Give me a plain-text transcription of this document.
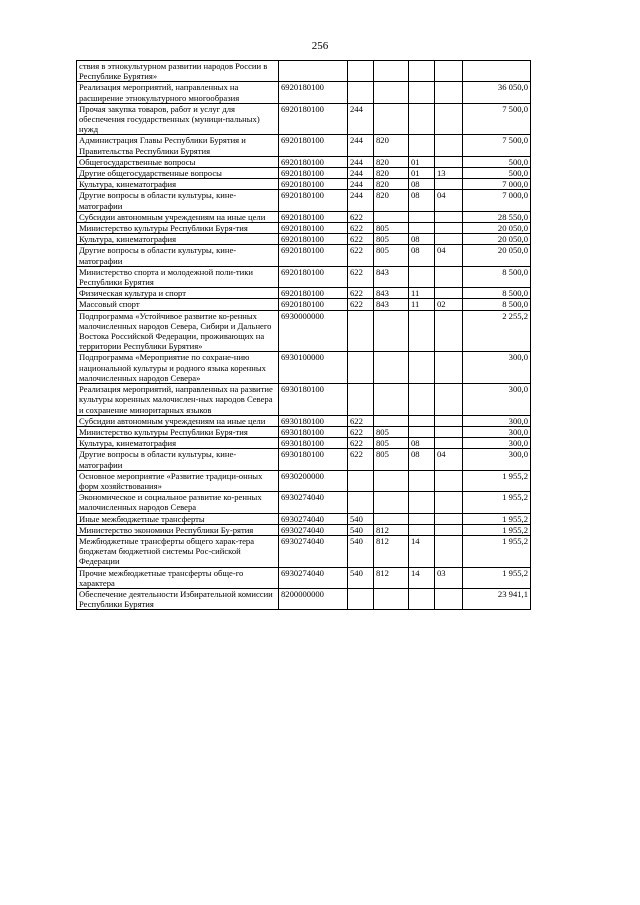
256
ствия в этнокультурном развитии народов России в Республике Бурятия»						
Реализация мероприятий, направленных на расширение этнокультурного многообразия	6920180100					36 050,0
Прочая закупка товаров, работ и услуг для обеспечения государственных (муници-пальных) нужд	6920180100	244				7 500,0
Администрация Главы Республики Бурятия и Правительства Республики Бурятия	6920180100	244	820			7 500,0
Общегосударственные вопросы	6920180100	244	820	01		500,0
Другие общегосударственные вопросы	6920180100	244	820	01	13	500,0
Культура, кинематография	6920180100	244	820	08		7 000,0
Другие вопросы в области культуры, кине-матографии	6920180100	244	820	08	04	7 000,0
Субсидии автономным учреждениям на иные цели	6920180100	622				28 550,0
Министерство культуры Республики Буря-тия	6920180100	622	805			20 050,0
Культура, кинематография	6920180100	622	805	08		20 050,0
Другие вопросы в области культуры, кине-матографии	6920180100	622	805	08	04	20 050,0
Министерство спорта и молодежной поли-тики Республики Бурятия	6920180100	622	843			8 500,0
Физическая культура и спорт	6920180100	622	843	11		8 500,0
Массовый спорт	6920180100	622	843	11	02	8 500,0
Подпрограмма «Устойчивое развитие ко-ренных малочисленных народов Севера, Сибири и Дальнего Востока Российской Федерации, проживающих на территории Республики Бурятия»	6930000000					2 255,2
Подпрограмма «Мероприятие по сохране-нию национальной культуры и родного языка коренных малочисленных народов Севера»	6930100000					300,0
Реализация мероприятий, направленных на развитие культуры коренных малочислен-ных народов Севера и сохранение миноритарных языков	6930180100					300,0
Субсидии автономным учреждениям на иные цели	6930180100	622				300,0
Министерство культуры Республики Буря-тия	6930180100	622	805			300,0
Культура, кинематография	6930180100	622	805	08		300,0
Другие вопросы в области культуры, кине-матографии	6930180100	622	805	08	04	300,0
Основное мероприятие «Развитие традици-онных форм хозяйствования»	6930200000					1 955,2
Экономическое и социальное развитие ко-ренных малочисленных народов Севера	6930274040					1 955,2
Иные межбюджетные трансферты	6930274040	540				1 955,2
Министерство экономики Республики Бу-рятия	6930274040	540	812			1 955,2
Межбюджетные трансферты общего харак-тера бюджетам бюджетной системы Рос-сийской Федерации	6930274040	540	812	14		1 955,2
Прочие межбюджетные трансферты обще-го характера	6930274040	540	812	14	03	1 955,2
Обеспечение деятельности Избирательной комиссии Республики Бурятия	8200000000					23 941,1
